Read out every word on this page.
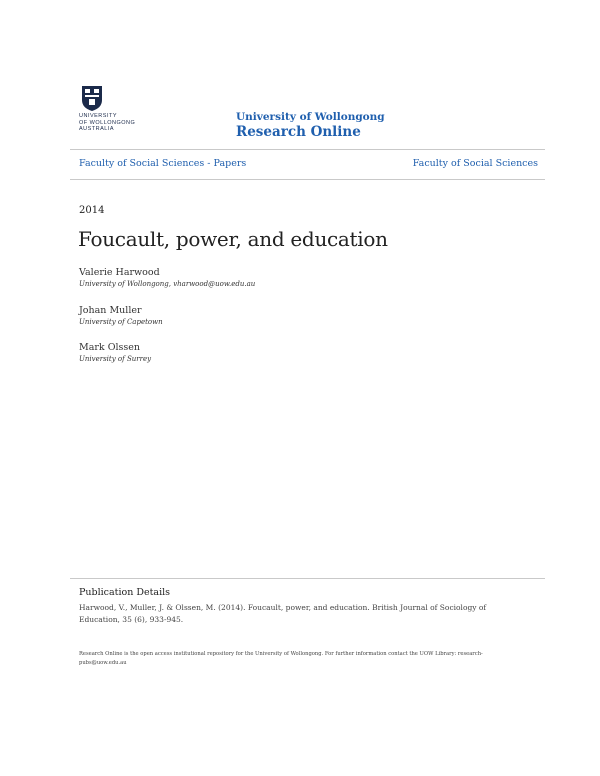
UNIVERSITY
OF WOLLONGONG
AUSTRALIA
University of Wollongong
Research Online
Faculty of Social Sciences - Papers	Faculty of Social Sciences
2014
Foucault, power, and education
Valerie Harwood
University of Wollongong, vharwood@uow.edu.au
Johan Muller
University of Capetown
Mark Olssen
University of Surrey
Publication Details
Harwood, V., Muller, J. & Olssen, M. (2014). Foucault, power, and education. British Journal of Sociology of Education, 35 (6), 933-945.
Research Online is the open access institutional repository for the University of Wollongong. For further information contact the UOW Library: research-pubs@uow.edu.au
